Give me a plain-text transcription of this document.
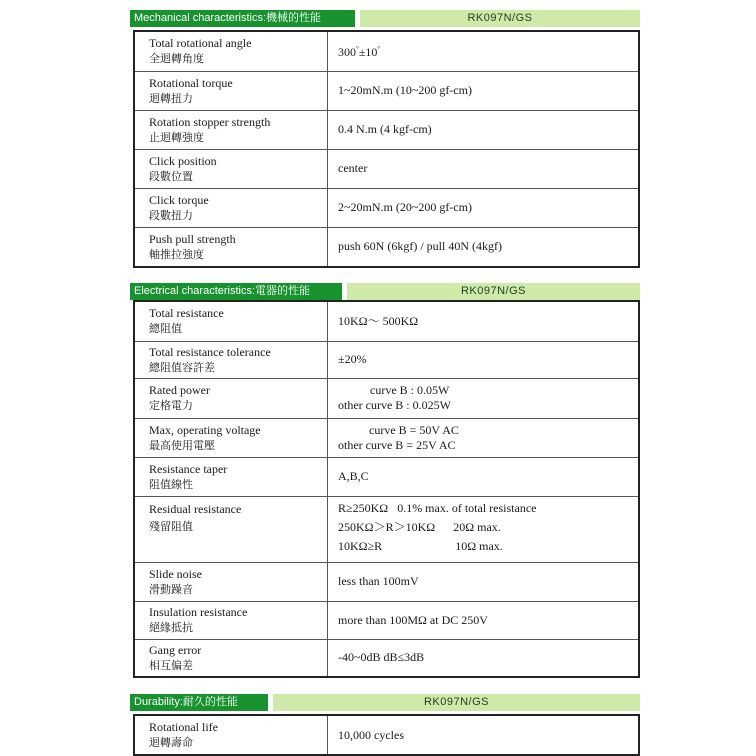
Mechanical characteristics:機械的性能	RK097N/GS
Total rotational angle
全迴轉角度	300°±10°
Rotational torque
迴轉扭力	1~20mN.m (10~200 gf-cm)
Rotation stopper strength
止迴轉強度	0.4 N.m (4 kgf-cm)
Click position
段數位置	center
Click torque
段數扭力	2~20mN.m (20~200 gf-cm)
Push pull strength
軸推拉強度	push 60N (6kgf) / pull 40N (4kgf)
Electrical characteristics:電器的性能	RK097N/GS
Total resistance
總阻值	10KΩ～ 500KΩ
Total resistance tolerance
總阻值容許差	±20%
Rated power
定格電力	curve B : 0.05W
other curve B : 0.025W
Max, operating voltage
最高使用電壓	curve B = 50V AC
other curve B = 25V AC
Resistance taper
阻值線性	A,B,C
Residual resistance
殘留阻值	R≥250KΩ 0.1% max. of total resistance
250KΩ＞R＞10KΩ 20Ω max.
10KΩ≥R 10Ω max.
Slide noise
滑動躁音	less than 100mV
Insulation resistance
絕緣抵抗	more than 100MΩ at DC 250V
Gang error
相互偏差	-40~0dB dB≤3dB
Durability:耐久的性能	RK097N/GS
Rotational life
迴轉壽命	10,000 cycles
